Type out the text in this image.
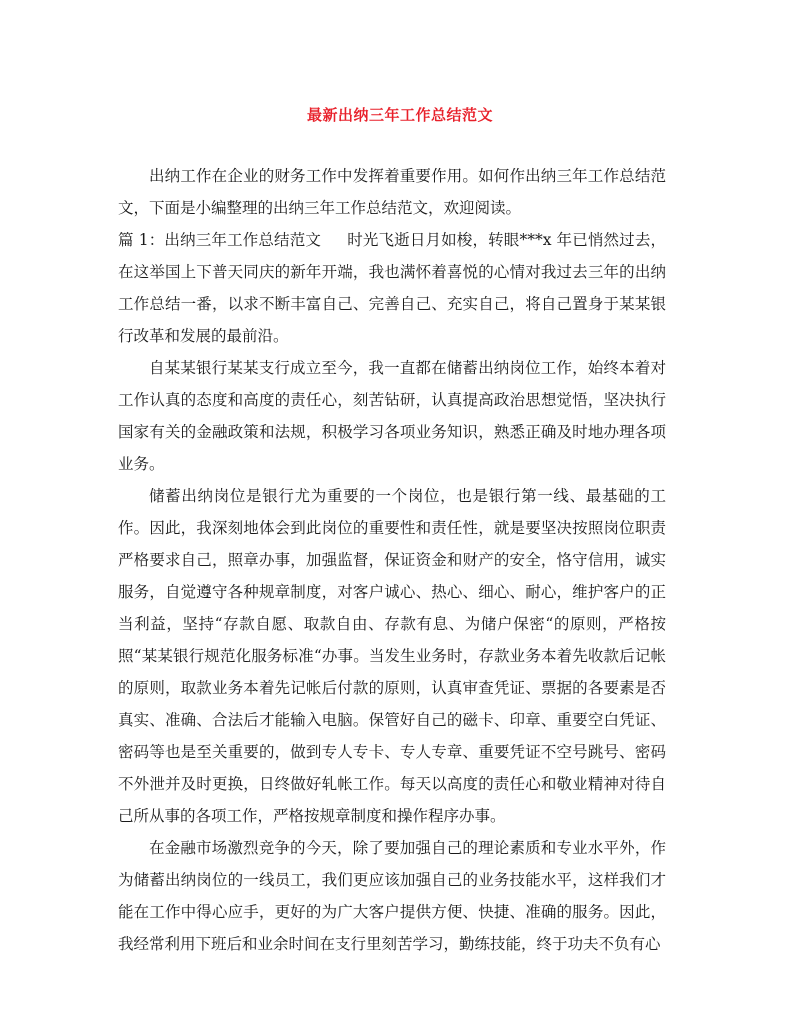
最新出纳三年工作总结范文

出纳工作在企业的财务工作中发挥着重要作用。如何作出纳三年工作总结范文，下面是小编整理的出纳三年工作总结范文，欢迎阅读。

篇 1：出纳三年工作总结范文 时光飞逝日月如梭，转眼***x 年已悄然过去，在这举国上下普天同庆的新年开端，我也满怀着喜悦的心情对我过去三年的出纳工作总结一番，以求不断丰富自己、完善自己、充实自己，将自己置身于某某银行改革和发展的最前沿。

自某某银行某某支行成立至今，我一直都在储蓄出纳岗位工作，始终本着对工作认真的态度和高度的责任心，刻苦钻研，认真提高政治思想觉悟，坚决执行国家有关的金融政策和法规，积极学习各项业务知识，熟悉正确及时地办理各项业务。

储蓄出纳岗位是银行尤为重要的一个岗位，也是银行第一线、最基础的工作。因此，我深刻地体会到此岗位的重要性和责任性，就是要坚决按照岗位职责严格要求自己，照章办事，加强监督，保证资金和财产的安全，恪守信用，诚实服务，自觉遵守各种规章制度，对客户诚心、热心、细心、耐心，维护客户的正当利益，坚持“存款自愿、取款自由、存款有息、为储户保密“的原则，严格按照“某某银行规范化服务标准“办事。当发生业务时，存款业务本着先收款后记帐的原则，取款业务本着先记帐后付款的原则，认真审查凭证、票据的各要素是否真实、准确、合法后才能输入电脑。保管好自己的磁卡、印章、重要空白凭证、密码等也是至关重要的，做到专人专卡、专人专章、重要凭证不空号跳号、密码不外泄并及时更换，日终做好轧帐工作。每天以高度的责任心和敬业精神对待自己所从事的各项工作，严格按规章制度和操作程序办事。

在金融市场激烈竞争的今天，除了要加强自己的理论素质和专业水平外，作为储蓄出纳岗位的一线员工，我们更应该加强自己的业务技能水平，这样我们才能在工作中得心应手，更好的为广大客户提供方便、快捷、准确的服务。因此，我经常利用下班后和业余时间在支行里刻苦学习，勤练技能，终于功夫不负有心
